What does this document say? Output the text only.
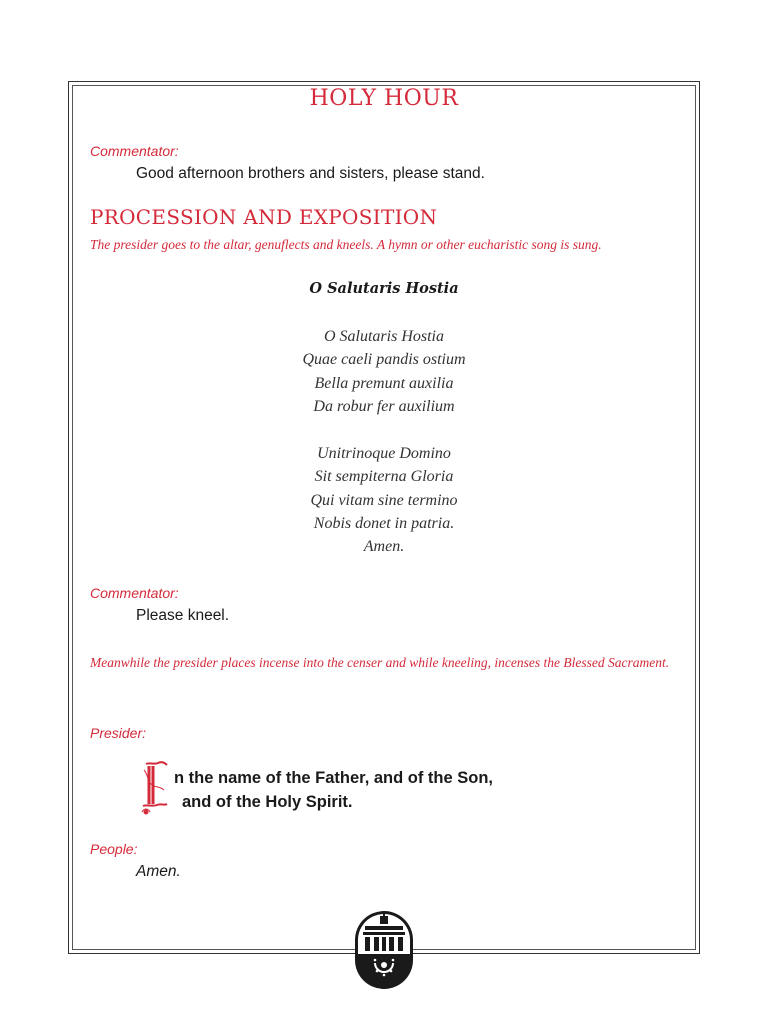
HOLY HOUR
Commentator:
Good afternoon brothers and sisters, please stand.
PROCESSION AND EXPOSITION
The presider goes to the altar, genuflects and kneels. A hymn or other eucharistic song is sung.
O Salutaris Hostia
O Salutaris Hostia
Quae caeli pandis ostium
Bella premunt auxilia
Da robur fer auxilium
Unitrinoque Domino
Sit sempiterna Gloria
Qui vitam sine termino
Nobis donet in patria.
Amen.
Commentator:
Please kneel.
Meanwhile the presider places incense into the censer and while kneeling, incenses the Blessed Sacrament.
Presider:
n the name of the Father, and of the Son,
and of the Holy Spirit.
People:
Amen.
